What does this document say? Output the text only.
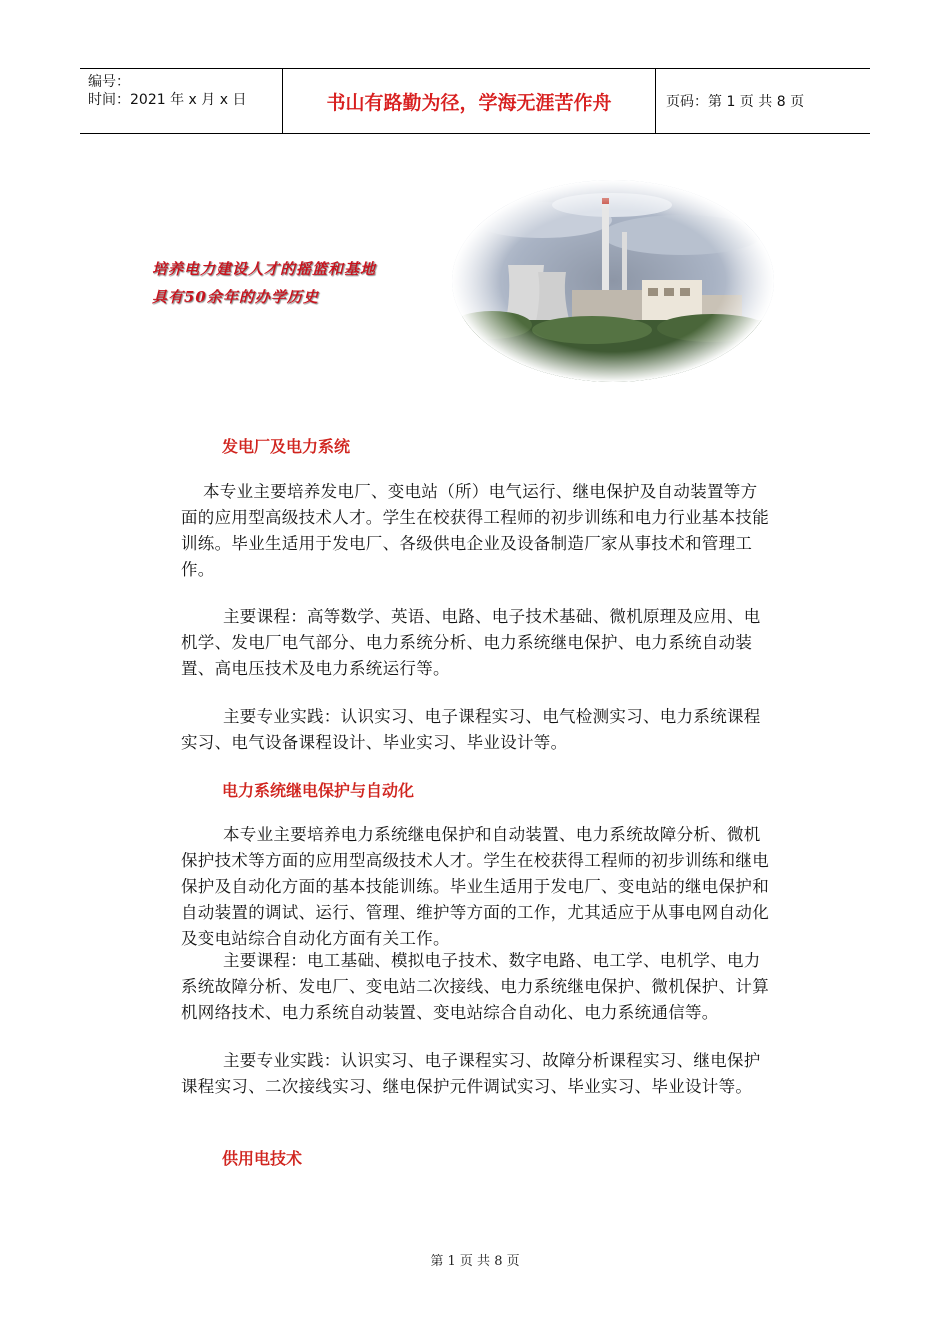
编号：
时间：2021 年 x 月 x 日	书山有路勤为径，学海无涯苦作舟	页码：第 1 页 共 8 页
培养电力建设人才的摇篮和基地
具有50余年的办学历史
发电厂及电力系统

本专业主要培养发电厂、变电站（所）电气运行、继电保护及自动装置等方面的应用型高级技术人才。学生在校获得工程师的初步训练和电力行业基本技能训练。毕业生适用于发电厂、各级供电企业及设备制造厂家从事技术和管理工作。

主要课程：高等数学、英语、电路、电子技术基础、微机原理及应用、电机学、发电厂电气部分、电力系统分析、电力系统继电保护、电力系统自动装置、高电压技术及电力系统运行等。

主要专业实践：认识实习、电子课程实习、电气检测实习、电力系统课程实习、电气设备课程设计、毕业实习、毕业设计等。

电力系统继电保护与自动化

本专业主要培养电力系统继电保护和自动装置、电力系统故障分析、微机保护技术等方面的应用型高级技术人才。学生在校获得工程师的初步训练和继电保护及自动化方面的基本技能训练。毕业生适用于发电厂、变电站的继电保护和自动装置的调试、运行、管理、维护等方面的工作，尤其适应于从事电网自动化及变电站综合自动化方面有关工作。

主要课程：电工基础、模拟电子技术、数字电路、电工学、电机学、电力系统故障分析、发电厂、变电站二次接线、电力系统继电保护、微机保护、计算机网络技术、电力系统自动装置、变电站综合自动化、电力系统通信等。

主要专业实践：认识实习、电子课程实习、故障分析课程实习、继电保护课程实习、二次接线实习、继电保护元件调试实习、毕业实习、毕业设计等。

供用电技术
第 1 页 共 8 页
